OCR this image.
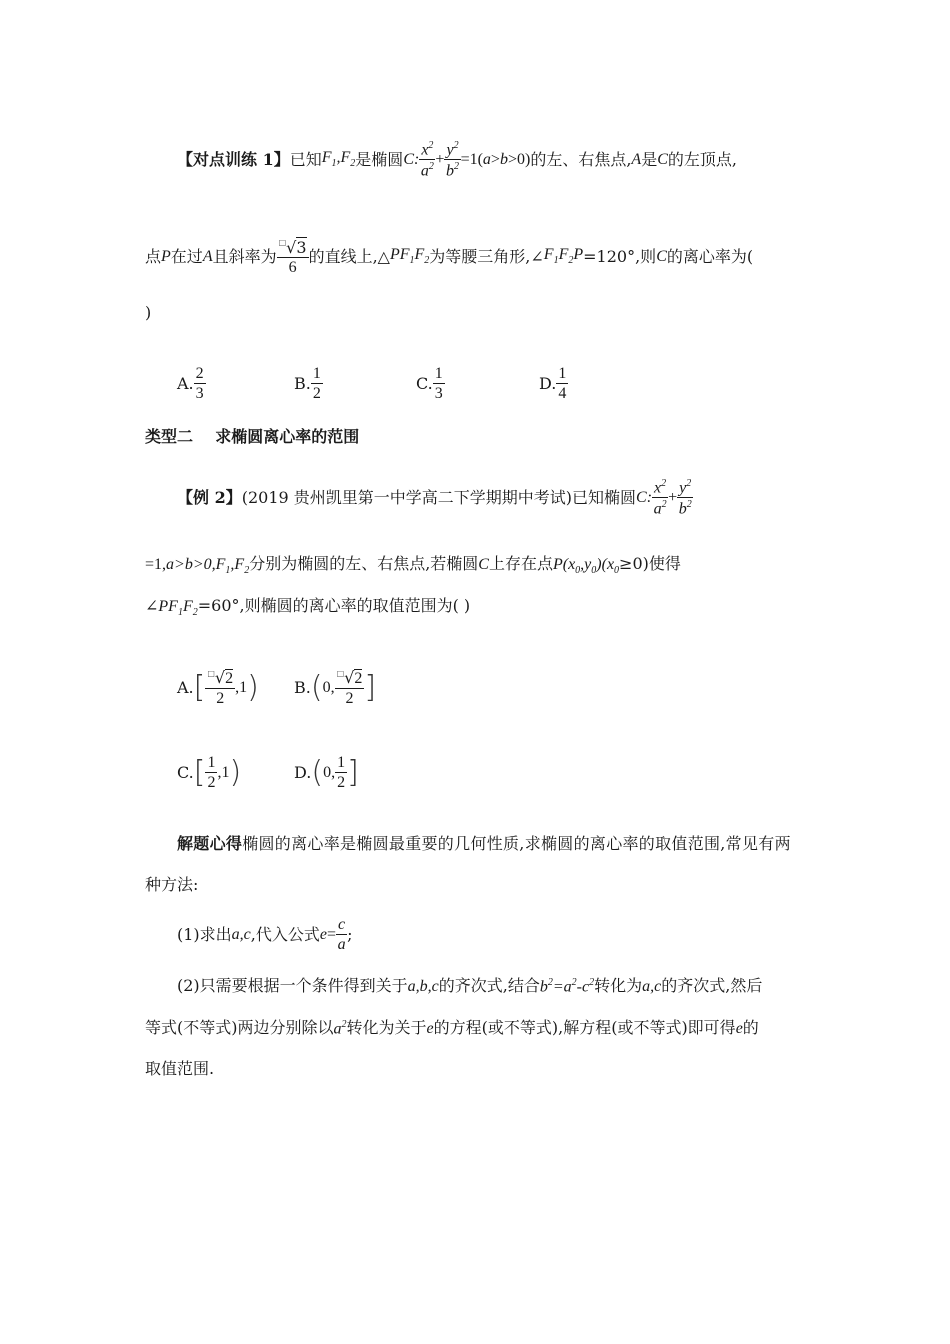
【对点训练 1】 已知 $F_1,F_2$ 是椭圆 C: $\frac{x^2}{a^2} + \frac{y^2}{b^2} =1(a>b>0)$ 的左、右焦点, A 是 C 的左顶点,
点 P 在过 A 且斜率为 $\frac{^□√3}{6}$ 的直线上,△ $PF_1F_2$ 为等腰三角形,∠ $F_1F_2P =120^\circ$,则 C 的离心率为(
)
A. $\frac{2}{3}$	B. $\frac{1}{2}$	C. $\frac{1}{3}$	D. $\frac{1}{4}$
类型二    求椭圆离心率的范围
【例 2】 (2019 贵州凯里第一中学高二下学期期中考试)已知椭圆 C: $\frac{x^2}{a^2} + \frac{y^2}{b^2}$
=1, $a>b>0,F_1,F_2$ 分别为椭圆的左、右焦点,若椭圆 C 上存在点 $P(x_0,y_0)(x_0 \ge 0)$使得
∠ $PF_1F_2 =60^\circ$,则椭圆的离心率的取值范围为( )
A. [ $\frac{^□√2}{2} ,1$ ) B. ( 0, $\frac{^□√2}{2}$ ]
C. [ $\frac{1}{2} ,1$ )	D. ( 0, $\frac{1}{2}$ ]
解题心得椭圆的离心率是椭圆最重要的几何性质,求椭圆的离心率的取值范围,常见有两
种方法:
(1)求出 a,c ,代入公式 $e = \frac{c}{a}$ ;
(2)只需要根据一个条件得到关于 a,b,c 的齐次式,结合 $b^2=a^2-c^2$ 转化为 a,c 的齐次式,然后
等式(不等式)两边分别除以 $a^2$ 转化为关于 e 的方程(或不等式),解方程(或不等式)即可得 e 的
取值范围.
